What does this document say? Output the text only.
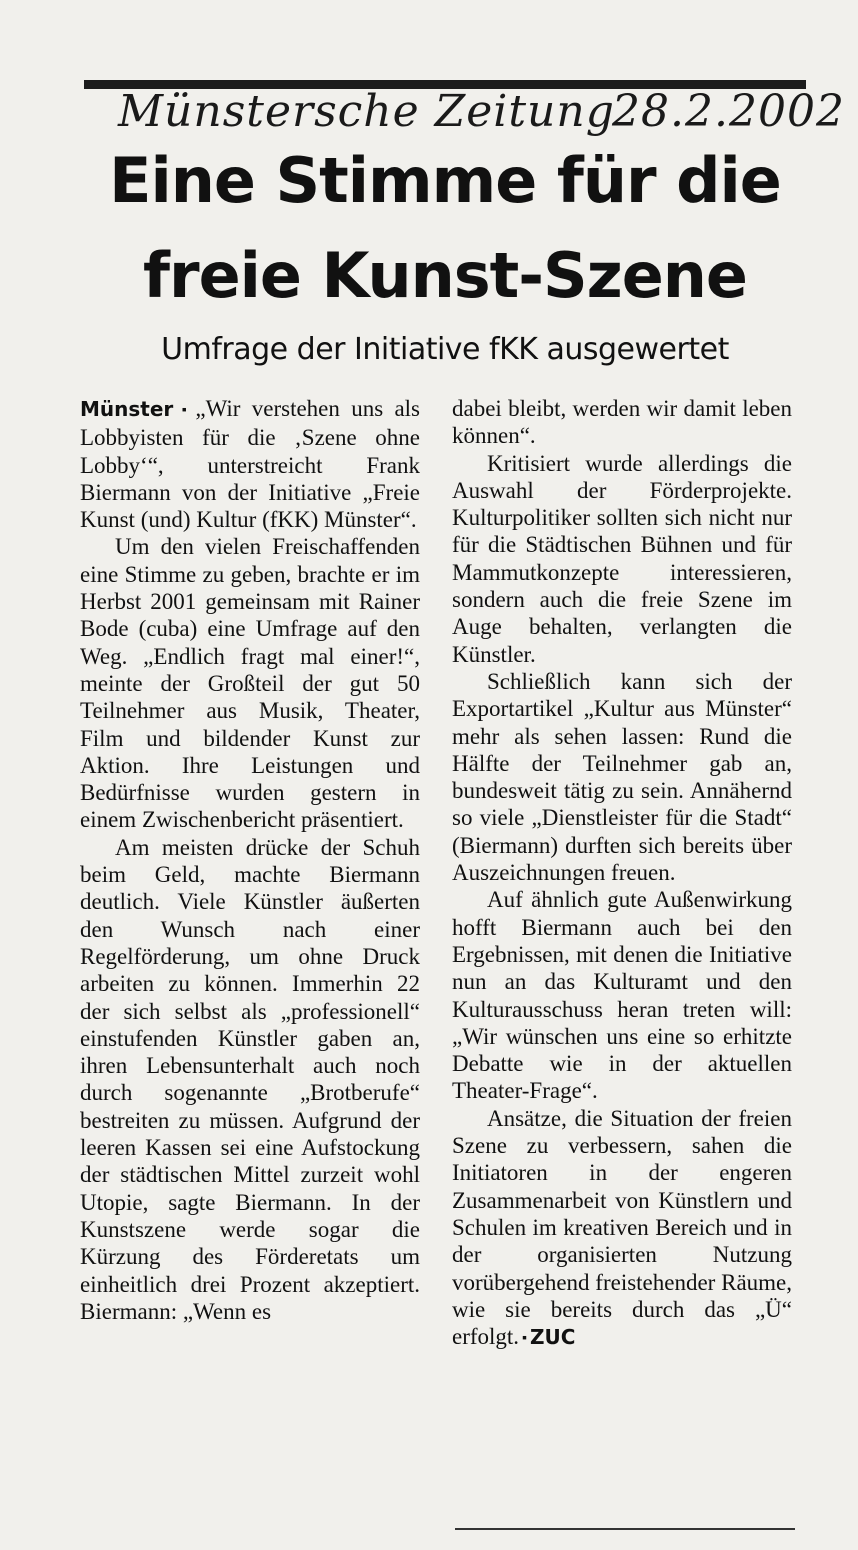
Münstersche Zeitung
28.2.2002
Eine Stimme für die
freie Kunst-Szene
Umfrage der Initiative fKK ausgewertet

Münster ▪ „Wir verstehen uns als Lobbyisten für die ‚Szene ohne Lobby‘“, unterstreicht Frank Biermann von der Initiative „Freie Kunst (und) Kultur (fKK) Münster“.

Um den vielen Freischaffenden eine Stimme zu geben, brachte er im Herbst 2001 gemeinsam mit Rainer Bode (cuba) eine Umfrage auf den Weg. „Endlich fragt mal einer!“, meinte der Großteil der gut 50 Teilnehmer aus Musik, Theater, Film und bildender Kunst zur Aktion. Ihre Leistungen und Bedürfnisse wurden gestern in einem Zwischenbericht präsentiert.

Am meisten drücke der Schuh beim Geld, machte Biermann deutlich. Viele Künstler äußerten den Wunsch nach einer Regelförderung, um ohne Druck arbeiten zu können. Immerhin 22 der sich selbst als „professionell“ einstufenden Künstler gaben an, ihren Lebensunterhalt auch noch durch sogenannte „Brotberufe“ bestreiten zu müssen. Aufgrund der leeren Kassen sei eine Aufstockung der städtischen Mittel zurzeit wohl Utopie, sagte Biermann. In der Kunstszene werde sogar die Kürzung des Förderetats um einheitlich drei Prozent akzeptiert. Biermann: „Wenn es

dabei bleibt, werden wir damit leben können“.

Kritisiert wurde allerdings die Auswahl der Förderprojekte. Kulturpolitiker sollten sich nicht nur für die Städtischen Bühnen und für Mammutkonzepte interessieren, sondern auch die freie Szene im Auge behalten, verlangten die Künstler.

Schließlich kann sich der Exportartikel „Kultur aus Münster“ mehr als sehen lassen: Rund die Hälfte der Teilnehmer gab an, bundesweit tätig zu sein. Annähernd so viele „Dienstleister für die Stadt“ (Biermann) durften sich bereits über Auszeichnungen freuen.

Auf ähnlich gute Außenwirkung hofft Biermann auch bei den Ergebnissen, mit denen die Initiative nun an das Kulturamt und den Kulturausschuss heran treten will: „Wir wünschen uns eine so erhitzte Debatte wie in der aktuellen Theater-Frage“.

Ansätze, die Situation der freien Szene zu verbessern, sahen die Initiatoren in der engeren Zusammenarbeit von Künstlern und Schulen im kreativen Bereich und in der organisierten Nutzung vorübergehend freistehender Räume, wie sie bereits durch das „Ü“ erfolgt. ▪ ZUC
